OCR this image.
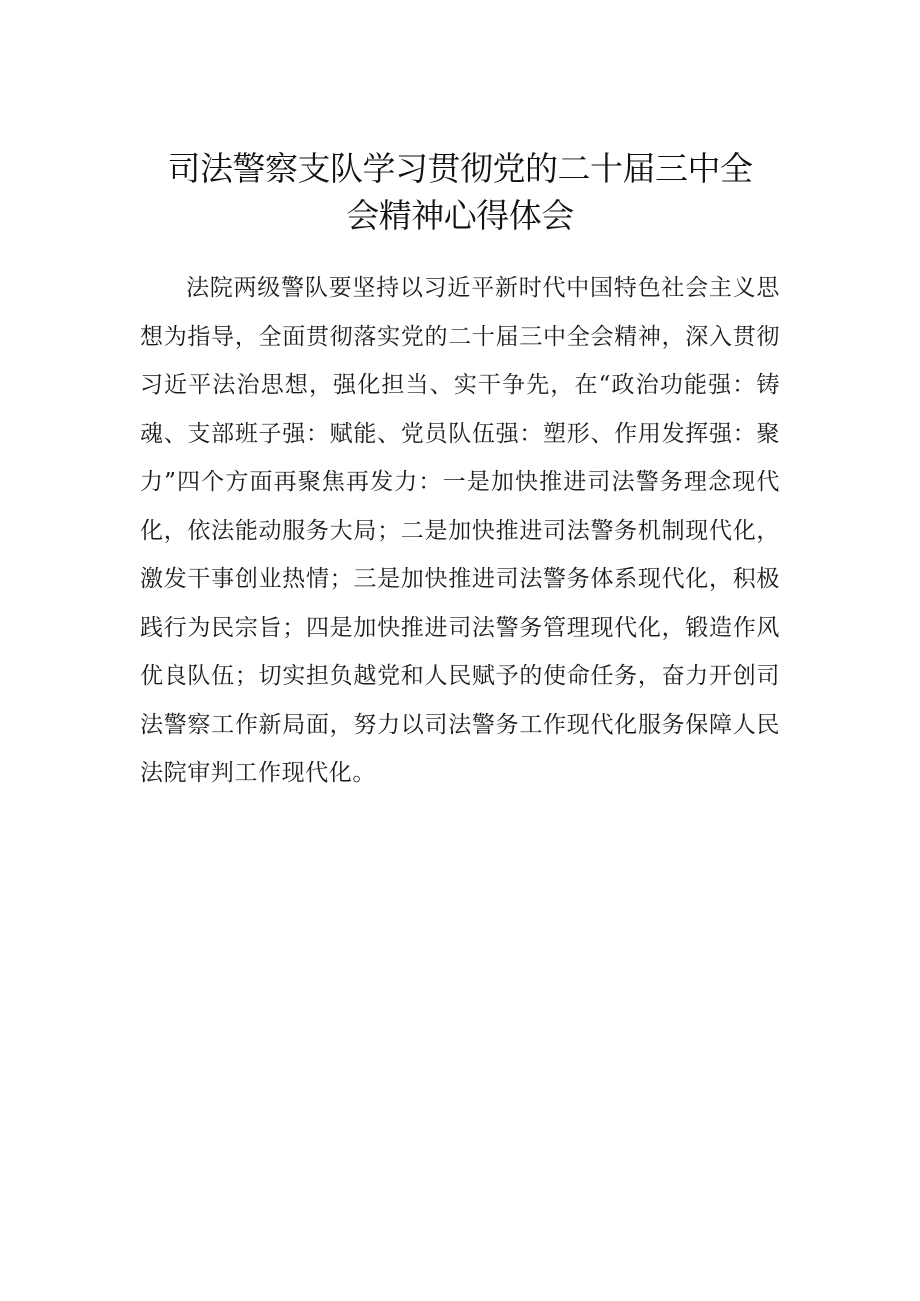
司法警察支队学习贯彻党的二十届三中全
会精神心得体会

法院两级警队要坚持以习近平新时代中国特色社会主义思想为指导，全面贯彻落实党的二十届三中全会精神，深入贯彻习近平法治思想，强化担当、实干争先，在“政治功能强：铸魂、支部班子强：赋能、党员队伍强：塑形、作用发挥强：聚力”四个方面再聚焦再发力：一是加快推进司法警务理念现代化，依法能动服务大局；二是加快推进司法警务机制现代化，激发干事创业热情；三是加快推进司法警务体系现代化，积极践行为民宗旨；四是加快推进司法警务管理现代化，锻造作风优良队伍；切实担负越党和人民赋予的使命任务，奋力开创司法警察工作新局面，努力以司法警务工作现代化服务保障人民法院审判工作现代化。
